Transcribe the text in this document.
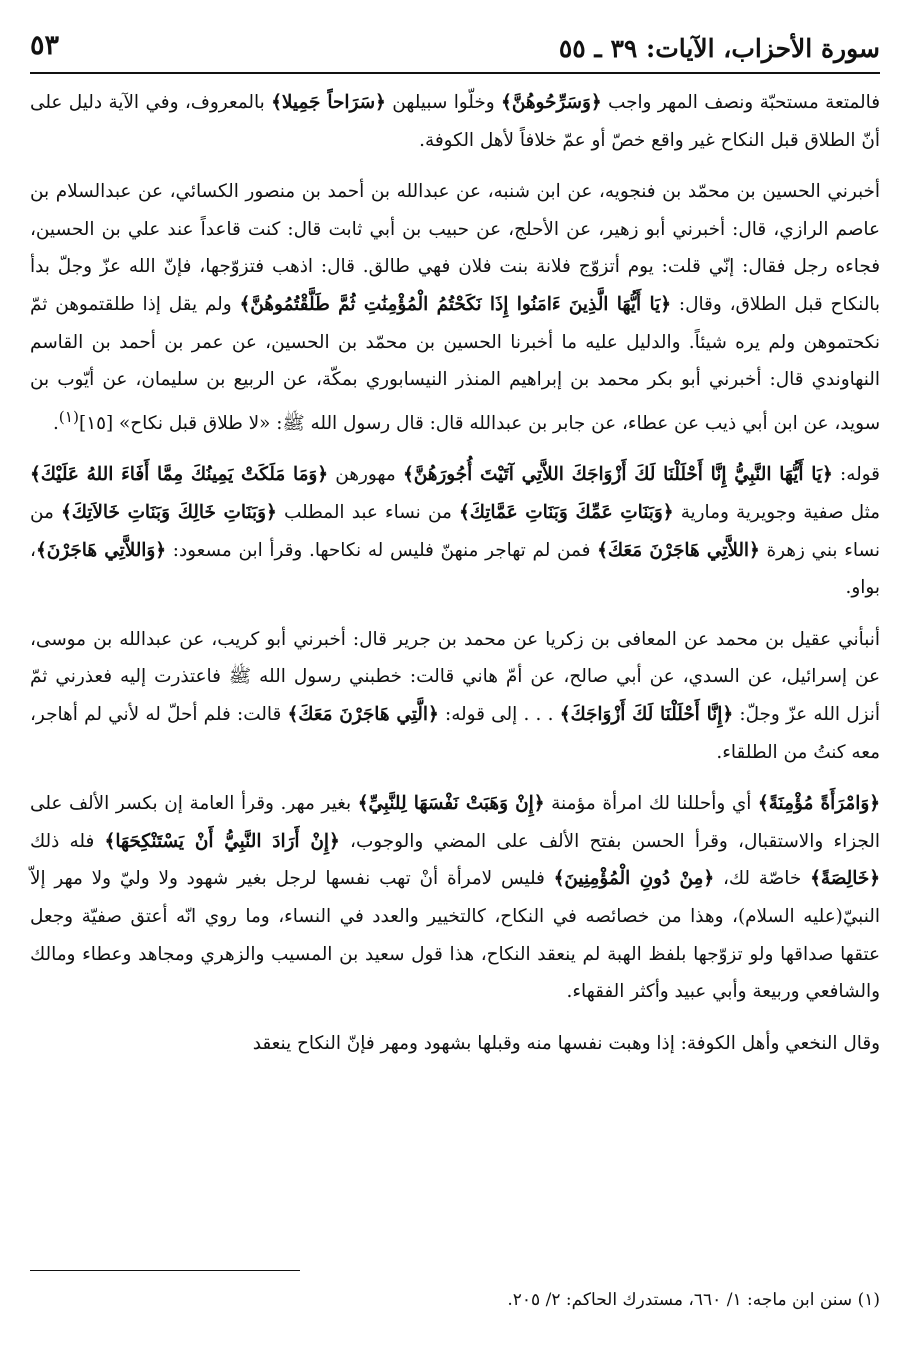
سورة الأحزاب، الآيات: ٣٩ ـ ٥٥
٥٣

فالمتعة مستحبّة ونصف المهر واجب ﴿وَسَرِّحُوهُنَّ﴾ وخلّوا سبيلهن ﴿سَرَاحاً جَمِيلا﴾ بالمعروف، وفي الآية دليل على أنّ الطلاق قبل النكاح غير واقع خصّ أو عمّ خلافاً لأهل الكوفة.

أخبرني الحسين بن محمّد بن فنجويه، عن ابن شنبه، عن عبدالله بن أحمد بن منصور الكسائي، عن عبدالسلام بن عاصم الرازي، قال: أخبرني أبو زهير، عن الأحلج، عن حبيب بن أبي ثابت قال: كنت قاعداً عند علي بن الحسين، فجاءه رجل فقال: إنّي قلت: يوم أتزوّج فلانة بنت فلان فهي طالق. قال: اذهب فتزوّجها، فإنّ الله عزّ وجلّ بدأ بالنكاح قبل الطلاق، وقال: ﴿يَا أَيُّهَا الَّذِينَ ءَامَنُوا إِذَا نَكَحْتُمُ الْمُؤْمِنَٰتِ ثُمَّ طَلَّقْتُمُوهُنَّ﴾ ولم يقل إذا طلقتموهن ثمّ نكحتموهن ولم يره شيئاً. والدليل عليه ما أخبرنا الحسين بن محمّد بن الحسين، عن عمر بن أحمد بن القاسم النهاوندي قال: أخبرني أبو بكر محمد بن إبراهيم المنذر النيسابوري بمكّة، عن الربيع بن سليمان، عن أيّوب بن سويد، عن ابن أبي ذيب عن عطاء، عن جابر بن عبدالله قال: قال رسول الله ﷺ: «لا طلاق قبل نكاح» [١٥]$^{(١)}$.

قوله: ﴿يَا أَيُّهَا النَّبِيُّ إِنَّا أَحْلَلْنَا لَكَ أَزْوَاجَكَ اللاَّتِي آتَيْتَ أُجُورَهُنَّ﴾ مهورهن ﴿وَمَا مَلَكَتْ يَمِينُكَ مِمَّا أَفَاءَ اللهُ عَلَيْكَ﴾ مثل صفية وجويرية ومارية ﴿وَبَنَاتِ عَمِّكَ وَبَنَاتِ عَمَّاتِكَ﴾ من نساء عبد المطلب ﴿وَبَنَاتِ خَالِكَ وَبَنَاتِ خَالاَتِكَ﴾ من نساء بني زهرة ﴿اللاَّتِي هَاجَرْنَ مَعَكَ﴾ فمن لم تهاجر منهنّ فليس له نكاحها. وقرأ ابن مسعود: ﴿وَاللاَّتِي هَاجَرْنَ﴾، بواو.

أنبأني عقيل بن محمد عن المعافى بن زكريا عن محمد بن جرير قال: أخبرني أبو كريب، عن عبدالله بن موسى، عن إسرائيل، عن السدي، عن أبي صالح، عن أمّ هاني قالت: خطبني رسول الله ﷺ فاعتذرت إليه فعذرني ثمّ أنزل الله عزّ وجلّ: ﴿إِنَّا أَحْلَلْنَا لَكَ أَزْوَاجَكَ﴾ . . . إلى قوله: ﴿الَّتِي هَاجَرْنَ مَعَكَ﴾ قالت: فلم أحلّ له لأني لم أهاجر، معه كنتُ من الطلقاء.

﴿وَامْرَأَةً مُؤْمِنَةً﴾ أي وأحللنا لك امرأة مؤمنة ﴿إِنْ وَهَبَتْ نَفْسَهَا لِلنَّبِيِّ﴾ بغير مهر. وقرأ العامة إن بكسر الألف على الجزاء والاستقبال، وقرأ الحسن بفتح الألف على المضي والوجوب، ﴿إِنْ أَرَادَ النَّبِيُّ أَنْ يَسْتَنْكِحَهَا﴾ فله ذلك ﴿خَالِصَةً﴾ خاصّة لك، ﴿مِنْ دُونِ الْمُؤْمِنِينَ﴾ فليس لامرأة أنْ تهب نفسها لرجل بغير شهود ولا وليّ ولا مهر إلاّ النبيّ(عليه السلام)، وهذا من خصائصه في النكاح، كالتخيير والعدد في النساء، وما روي انّه أعتق صفيّة وجعل عتقها صداقها ولو تزوّجها بلفظ الهبة لم ينعقد النكاح، هذا قول سعيد بن المسيب والزهري ومجاهد وعطاء ومالك والشافعي وربيعة وأبي عبيد وأكثر الفقهاء.

وقال النخعي وأهل الكوفة: إذا وهبت نفسها منه وقبلها بشهود ومهر فإنّ النكاح ينعقد

(١) سنن ابن ماجه: ١/ ٦٦٠، مستدرك الحاكم: ٢/ ٢٠٥.
